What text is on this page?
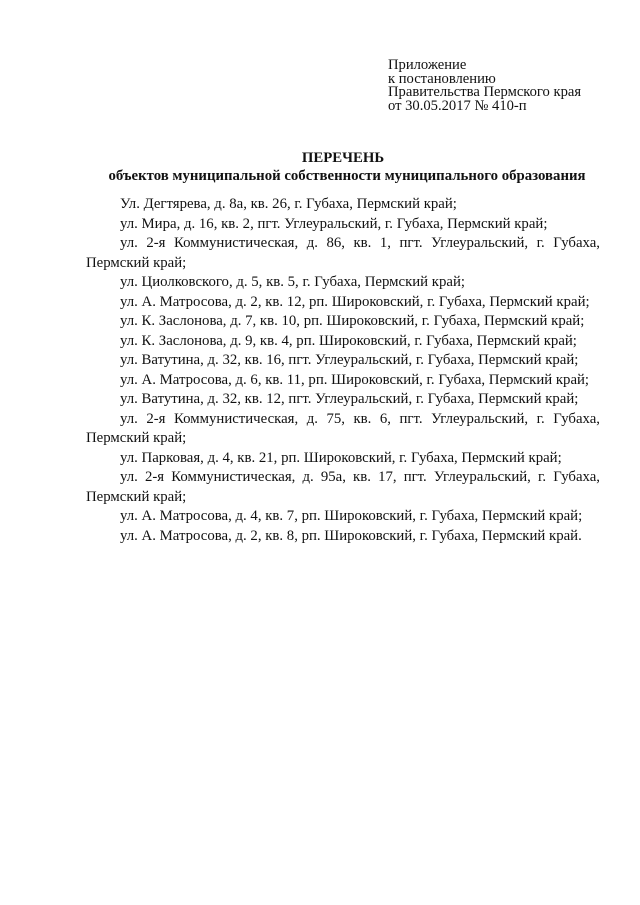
Приложение
к постановлению
Правительства Пермского края
от 30.05.2017 № 410-п
ПЕРЕЧЕНЬ
объектов муниципальной собственности муниципального образования

Ул. Дегтярева, д. 8а, кв. 26, г. Губаха, Пермский край;

ул. Мира, д. 16, кв. 2, пгт. Углеуральский, г. Губаха, Пермский край;

ул. 2-я Коммунистическая, д. 86, кв. 1, пгт. Углеуральский, г. Губаха, Пермский край;

ул. Циолковского, д. 5, кв. 5, г. Губаха, Пермский край;

ул. А. Матросова, д. 2, кв. 12, рп. Широковский, г. Губаха, Пермский край;

ул. К. Заслонова, д. 7, кв. 10, рп. Широковский, г. Губаха, Пермский край;

ул. К. Заслонова, д. 9, кв. 4, рп. Широковский, г. Губаха, Пермский край;

ул. Ватутина, д. 32, кв. 16, пгт. Углеуральский, г. Губаха, Пермский край;

ул. А. Матросова, д. 6, кв. 11, рп. Широковский, г. Губаха, Пермский край;

ул. Ватутина, д. 32, кв. 12, пгт. Углеуральский, г. Губаха, Пермский край;

ул. 2-я Коммунистическая, д. 75, кв. 6, пгт. Углеуральский, г. Губаха, Пермский край;

ул. Парковая, д. 4, кв. 21, рп. Широковский, г. Губаха, Пермский край;

ул. 2-я Коммунистическая, д. 95а, кв. 17, пгт. Углеуральский, г. Губаха, Пермский край;

ул. А. Матросова, д. 4, кв. 7, рп. Широковский, г. Губаха, Пермский край;

ул. А. Матросова, д. 2, кв. 8, рп. Широковский, г. Губаха, Пермский край.
